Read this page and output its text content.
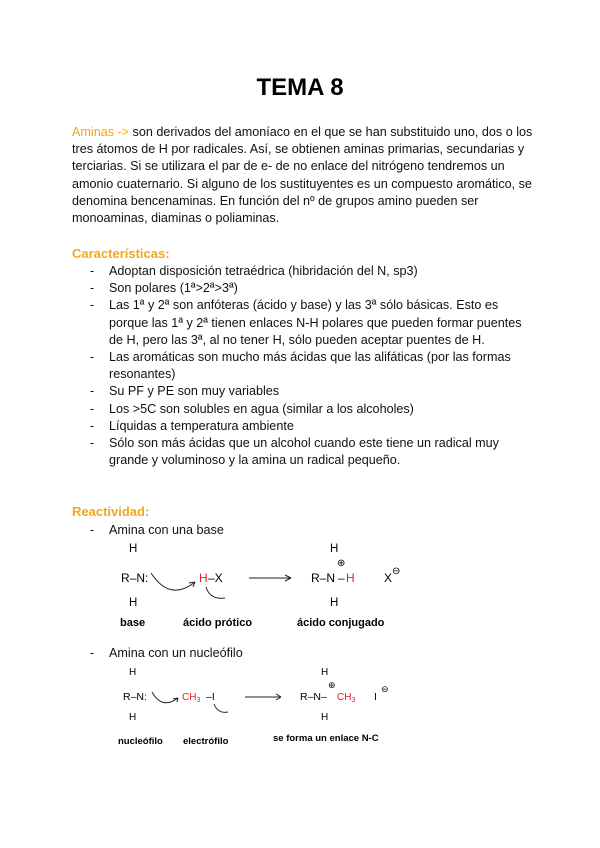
TEMA 8

Aminas -> son derivados del amoníaco en el que se han substituido uno, dos o los tres átomos de H por radicales. Así, se obtienen aminas primarias, secundarias y terciarias. Si se utilizara el par de e- de no enlace del nitrógeno tendremos un amonio cuaternario. Si alguno de los sustituyentes es un compuesto aromático, se denomina bencenaminas. En función del nº de grupos amino pueden ser monoaminas, diaminas o poliaminas.

Características:

- Adoptan disposición tetraédrica (hibridación del N, sp3)
- Son polares (1ª>2ª>3ª)
- Las 1ª y 2ª son anfóteras (ácido y base) y las 3ª sólo básicas. Esto es porque las 1ª y 2ª tienen enlaces N-H polares que pueden formar puentes de H, pero las 3ª, al no tener H, sólo pueden aceptar puentes de H.
- Las aromáticas son mucho más ácidas que las alifáticas (por las formas resonantes)
- Su PF y PE son muy variables
- Los >5C son solubles en agua (similar a los alcoholes)
- Líquidas a temperatura ambiente
- Sólo son más ácidas que un alcohol cuando este tiene un radical muy grande y voluminoso y la amina un radical pequeño.

Reactividad:

- Amina con una base
H
R–N:
H
H –X
H
⊕
R–N – H
H
X ⊖
base	ácido prótico	ácido conjugado
- Amina con un nucleófilo
H
R–N:
H
$CH_3$ –I
H
⊕
R–N– $CH_3$
H
I
⊖
nucleófilo electrófilo	se forma un enlace N-C
